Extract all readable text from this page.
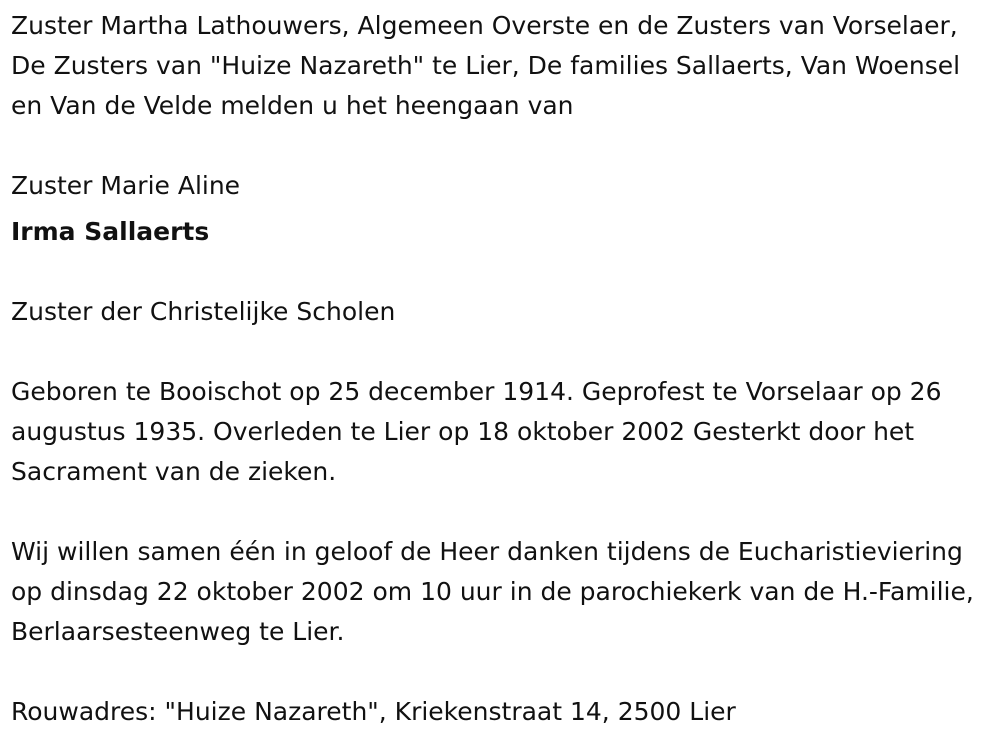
Zuster Martha Lathouwers, Algemeen Overste en de Zusters van Vorselaer, De Zusters van "Huize Nazareth" te Lier, De families Sallaerts, Van Woensel en Van de Velde melden u het heengaan van

Zuster Marie Aline

Irma Sallaerts

Zuster der Christelijke Scholen

Geboren te Booischot op 25 december 1914. Geprofest te Vorselaar op 26 augustus 1935. Overleden te Lier op 18 oktober 2002 Gesterkt door het Sacrament van de zieken.

Wij willen samen één in geloof de Heer danken tijdens de Eucharistieviering op dinsdag 22 oktober 2002 om 10 uur in de parochiekerk van de H.-Familie, Berlaarsesteenweg te Lier.

Rouwadres: "Huize Nazareth", Kriekenstraat 14, 2500 Lier
